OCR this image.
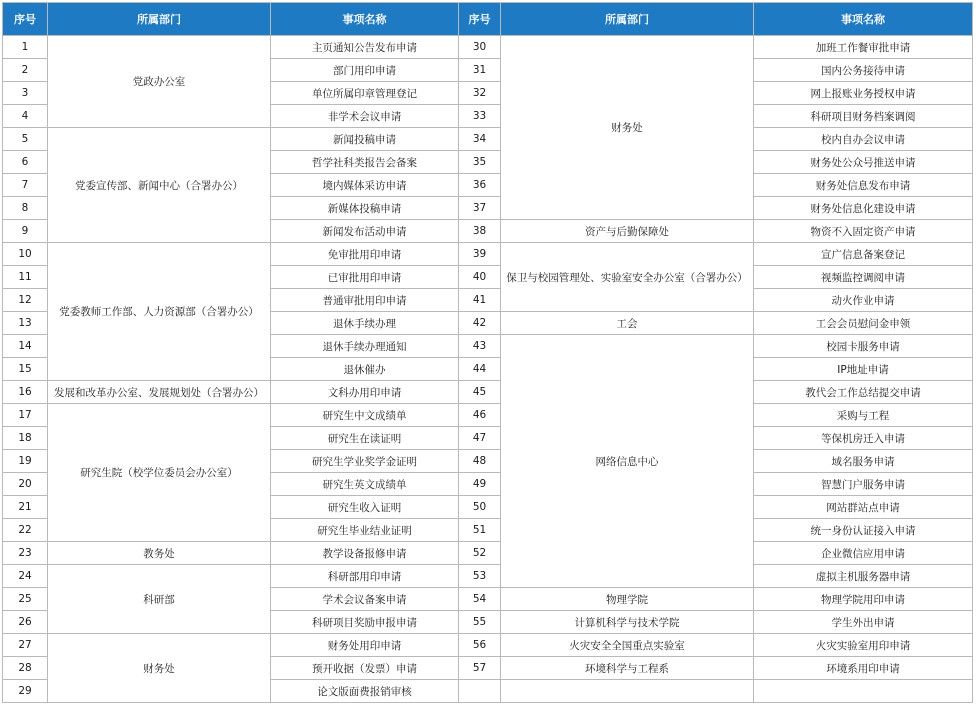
序号	所属部门	事项名称	序号	所属部门	事项名称
1	党政办公室	主页通知公告发布申请	30	财务处	加班工作餐审批申请
2		部门用印申请	31		国内公务接待申请
3		单位所属印章管理登记	32		网上报账业务授权申请
4		非学术会议申请	33		科研项目财务档案调阅
5	党委宣传部、新闻中心（合署办公）	新闻投稿申请	34		校内自办会议申请
6		哲学社科类报告会备案	35		财务处公众号推送申请
7		境内媒体采访申请	36		财务处信息发布申请
8		新媒体投稿申请	37		财务处信息化建设申请
9		新闻发布活动申请	38	资产与后勤保障处	物资不入固定资产申请
10	党委教师工作部、人力资源部（合署办公）	免审批用印申请	39	保卫与校园管理处、实验室安全办公室（合署办公）	宣广信息备案登记
11		已审批用印申请	40		视频监控调阅申请
12		普通审批用印申请	41		动火作业申请
13		退休手续办理	42	工会	工会会员慰问金申领
14		退休手续办理通知	43	网络信息中心	校园卡服务申请
15		退休催办	44		IP地址申请
16	发展和改革办公室、发展规划处（合署办公）	文科办用印申请	45		教代会工作总结提交申请
17	研究生院（校学位委员会办公室）	研究生中文成绩单	46		采购与工程
18		研究生在读证明	47		等保机房迁入申请
19		研究生学业奖学金证明	48		域名服务申请
20		研究生英文成绩单	49		智慧门户服务申请
21		研究生收入证明	50		网站群站点申请
22		研究生毕业结业证明	51		统一身份认证接入申请
23	教务处	教学设备报修申请	52		企业微信应用申请
24	科研部	科研部用印申请	53		虚拟主机服务器申请
25		学术会议备案申请	54	物理学院	物理学院用印申请
26		科研项目奖励申报申请	55	计算机科学与技术学院	学生外出申请
27	财务处	财务处用印申请	56	火灾安全全国重点实验室	火灾实验室用印申请
28		预开收据（发票）申请	57	环境科学与工程系	环境系用印申请
29		论文版面费报销审核			
